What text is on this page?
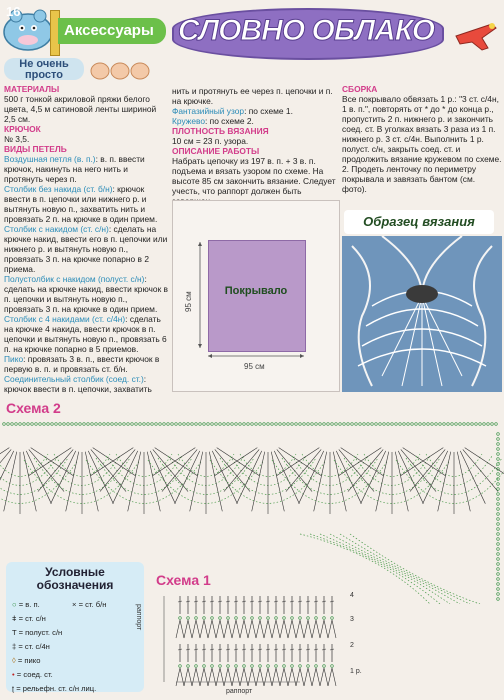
16
Аксессуары СЛОВНО ОБЛАКО
Не очень просто

МАТЕРИАЛЫ

500 г тонкой акриловой пряжи белого цвета, 4,5 м сатиновой ленты шириной 2,5 см.

КРЮЧОК

№ 3,5.

ВИДЫ ПЕТЕЛЬ

Воздушная петля (в. п.): в. п. ввести крючок, накинуть на него нить и протянуть через п.

Столбик без накида (ст. б/н): крючок ввести в п. цепочки или нижнего р. и вытянуть новую п., захватить нить и провязать 2 п. на крючке в один прием.

Столбик с накидом (ст. с/н): сделать на крючке накид, ввести его в п. цепочки или нижнего р. и вытянуть новую п., провязать 3 п. на крючке попарно в 2 приема.

Полустолбик с накидом (полуст. с/н): сделать на крючке накид, ввести крючок в п. цепочки и вытянуть новую п., провязать 3 п. на крючке в один прием.

Столбик с 4 накидами (ст. с/4н): сделать на крючке 4 накида, ввести крючок в п. цепочки и вытянуть новую п., провязать 6 п. на крючке попарно в 5 приемов.

Пико: провязать 3 в. п., ввести крючок в первую в. п. и провязать ст. б/н.

Соединительный столбик (соед. ст.): крючок ввести в п. цепочки, захватить

нить и протянуть ее через п. цепочки и п. на крючке.

Фантазийный узор: по схеме 1.

Кружево: по схеме 2.

ПЛОТНОСТЬ ВЯЗАНИЯ

10 см = 23 п. узора.

ОПИСАНИЕ РАБОТЫ

Набрать цепочку из 197 в. п. + 3 в. п. подъема и вязать узором по схеме. На высоте 85 см закончить вязание. Следует учесть, что раппорт должен быть

Покрывало
95 см
95 см

СБОРКА

Все покрывало обвязать 1 р.: "3 ст. с/4н, 1 в. п.", повторять от * до * до конца р., пропустить 2 п. нижнего р. и закончить соед. ст. В уголках вязать 3 раза из 1 п. нижнего р. 3 ст. с/4н. Выполнить 1 р. полуст. с/н, закрыть соед. ст. и продолжить вязание кружевом по схеме. 2. Продеть ленточку по периметру покрывала и завязать бантом (см. фото).

Образец вязания
Схема 2
Условные обозначения
○ = в. п.	× = ст. б/н
ǂ = ст. с/н
T = полуст. с/н
‡ = ст. с/4н
◊ = пико
• = соед. ст.
ʈ = рельефн. ст. с/н лиц.
Схема 1
раппорт
раппорт
4
3
2
1 р.
